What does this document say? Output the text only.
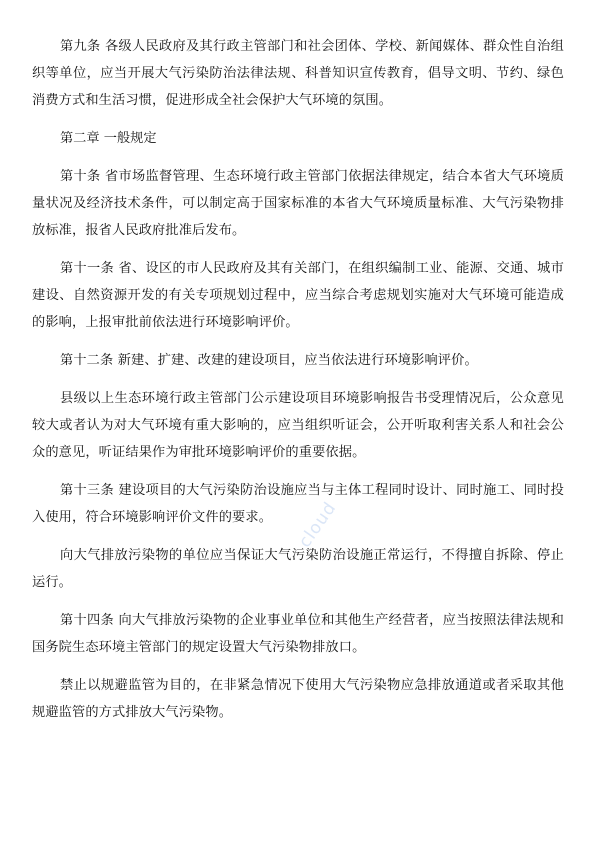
第九条 各级人民政府及其行政主管部门和社会团体、学校、新闻媒体、群众性自治组织等单位，应当开展大气污染防治法律法规、科普知识宣传教育，倡导文明、节约、绿色消费方式和生活习惯，促进形成全社会保护大气环境的氛围。

第二章 一般规定

第十条 省市场监督管理、生态环境行政主管部门依据法律规定，结合本省大气环境质量状况及经济技术条件，可以制定高于国家标准的本省大气环境质量标准、大气污染物排放标准，报省人民政府批准后发布。

第十一条 省、设区的市人民政府及其有关部门，在组织编制工业、能源、交通、城市建设、自然资源开发的有关专项规划过程中，应当综合考虑规划实施对大气环境可能造成的影响，上报审批前依法进行环境影响评价。

第十二条 新建、扩建、改建的建设项目，应当依法进行环境影响评价。

县级以上生态环境行政主管部门公示建设项目环境影响报告书受理情况后，公众意见较大或者认为对大气环境有重大影响的，应当组织听证会，公开听取利害关系人和社会公众的意见，听证结果作为审批环境影响评价的重要依据。

第十三条 建设项目的大气污染防治设施应当与主体工程同时设计、同时施工、同时投入使用，符合环境影响评价文件的要求。

向大气排放污染物的单位应当保证大气污染防治设施正常运行，不得擅自拆除、停止运行。

第十四条 向大气排放污染物的企业事业单位和其他生产经营者，应当按照法律法规和国务院生态环境主管部门的规定设置大气污染物排放口。

禁止以规避监管为目的，在非紧急情况下使用大气污染物应急排放通道或者采取其他规避监管的方式排放大气污染物。

cloud
